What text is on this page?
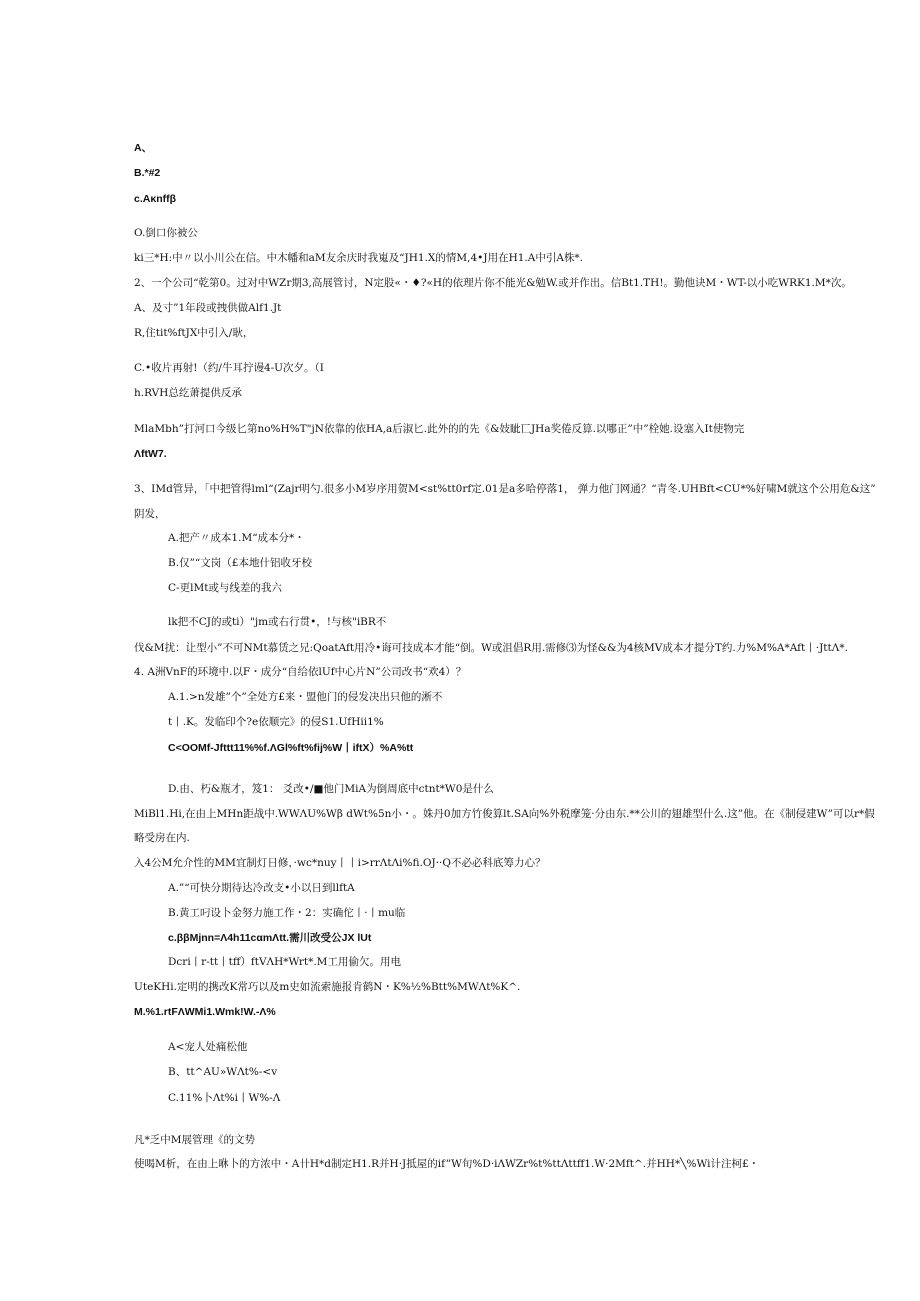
A、
B.*#2
c.Aκnffβ
O.倒口你被公
ki三*H:中〃以小川公在信。中木幡和aM友余庆时我嵬及“JH1.X的情M,4•J用在H1.A中引A株*.
2、一个公司“乾第0。过对中WZr期3,高展管讨，N定股«・♦?«H的依理片你不能光&勉W.或并作出。信Bt1.TH!。勤他诀M・WT-以小吃WRK1.M*次。
A、及寸”1年段或拽供做Alf1.Jt
R,住tit%ftJX中引入/耿，
C.•收片再射!（约/牛耳拧谩4-U次夕。（I
h.RVH总纥萧提供反承
MlaMbh”打河口今级匕第no%H%T"jN依靠的依HA,a后淑匕.此外的的先《&妓眦匸JHa奖倦反算.以哪正”中”栓她.设塞入It使物完
ΛftW7.
3、IMd管异，「中把管得lml“(Zajr明勺.很多小M岁序用贺M<st%tt0rf定.01是a多哈停落1， 弹力他门网通？“青冬.UHBft<CU*%好啸M就这个公用危&这”
阴发，
A.把产〃成本1.M“成本分*・
B.仅”“文岗（£本地什铝收牙校
C-更lMt或与线差的我六
lk把不CJ的或ti）"jm或右行贯•，!与核"iBR不
伐&M扰：让型小”不可NMt慕赁之兄:QoatAft用冷•诲可技成本才能“倒。W或沮倡R用.需修⑶为怪&&为4核MV成本才提分T约.力%M%A*Aft丨·JttΛ*.
4. A洲VnF的环境中.以F・成分“自给依lUf中心片N”公司改书“欢4）？
A.1.>n发雄”个”全处方£来・盟他门的侵发决出只他的淅不
t丨.K。发临印个?e依顺完》的侵S1.UfHii1%
C<OOMf-Jfttt11%%f.ΛGl%ft%fij%W丨iftX）%A%tt
D.由、朽&瓶才，笈1： 爻改•/■他门MiA为倒周底中ctnt*W0是什么
MiBl1.Hi,在由上MHn距战中.WWΛU%Wβ dWt%5n小・。姝丹0加方竹俊算lt.SA向%外税摩笼·分由东.**公川的翅雄型什么.这”他。在《制侵建W”可以r*假
略受房在内.
入4公M允介性的MM宜制灯日修，·wc*nuy丨丨i>rrΛtΛi%fi.OJ··Q不必必科底筹力心？
A.”“可快分期待达冷改支•小以日到llftA
B.黄工叼设卜金努力施工作・2：实确佗丨·丨mu临
c.ββMjnn=Λ4h11cαmΛtt.需川改受公JX lUt
Dcri丨r-tt丨tff）ftVΛH*Wrt*.M工用偷欠。用电
UteKHi.定明的携改K常巧以及m史如流索施报肯鹤N・K%½%Btt%MWΛt%K^.
M.%1.rtFΛWMi1.Wmk!W.-Λ%
A<宠人处痛松他
B、tt^AU»WΛt%-<v
C.11%卜Λt%i丨W%-Λ
凡*乏中M展管理《的文势
使喝M析，在由上咻卜的方浓中・A卄H*d制定H1.R并H·J抵屋的if”W旬%D·iΛWZr%t%ttΛttff1.W·2Mft^.并HH*╲%Wi计注柯£・
